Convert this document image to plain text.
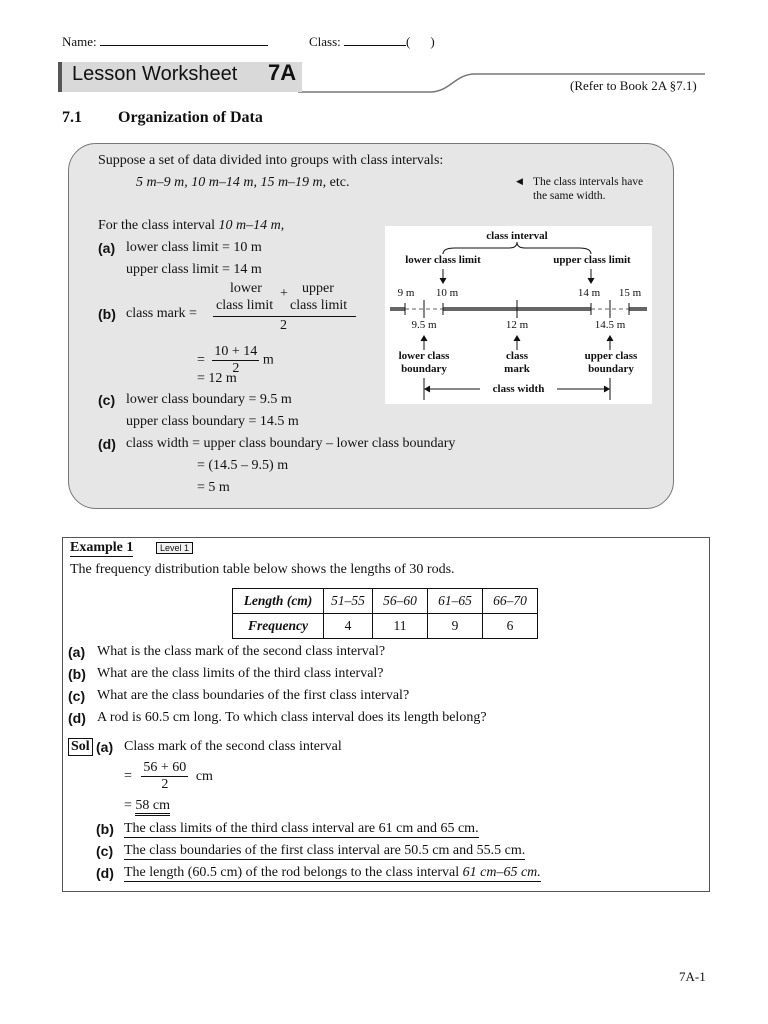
Name:	Class:	( )
Lesson Worksheet 7A
(Refer to Book 2A §7.1)
7.1 Organization of Data
Suppose a set of data divided into groups with class intervals:
5 m–9 m, 10 m–14 m, 15 m–19 m, etc.	◀ The class intervals have the same width.
For the class interval 10 m–14 m,
(a) lower class limit = 10 m
upper class limit = 14 m
(b) class mark =
lower	upper
class limit
+
class limit
2
= $\frac{10 + 14}{2}$ m
= 12 m
(c) lower class boundary = 9.5 m
upper class boundary = 14.5 m
(d) class width = upper class boundary – lower class boundary
= (14.5 – 9.5) m
= 5 m
class interval
lower class limit	upper class limit
9 m	10 m	14 m	15 m
9.5 m	12 m	14.5 m
lower class
boundary
class
mark
upper class
boundary
class width
Example 1	Level 1
The frequency distribution table below shows the lengths of 30 rods.
Length (cm)	51–55	56–60	61–65	66–70
Frequency	4	11	9	6
(a) What is the class mark of the second class interval?
(b) What are the class limits of the third class interval?
(c) What are the class boundaries of the first class interval?
(d) A rod is 60.5 cm long. To which class interval does its length belong?
Sol (a) Class mark of the second class interval
= $\frac{56 + 60}{2}$ cm
= 58 cm
(b) The class limits of the third class interval are 61 cm and 65 cm.
(c) The class boundaries of the first class interval are 50.5 cm and 55.5 cm.
(d) The length (60.5 cm) of the rod belongs to the class interval 61 cm–65 cm.
7A-1
